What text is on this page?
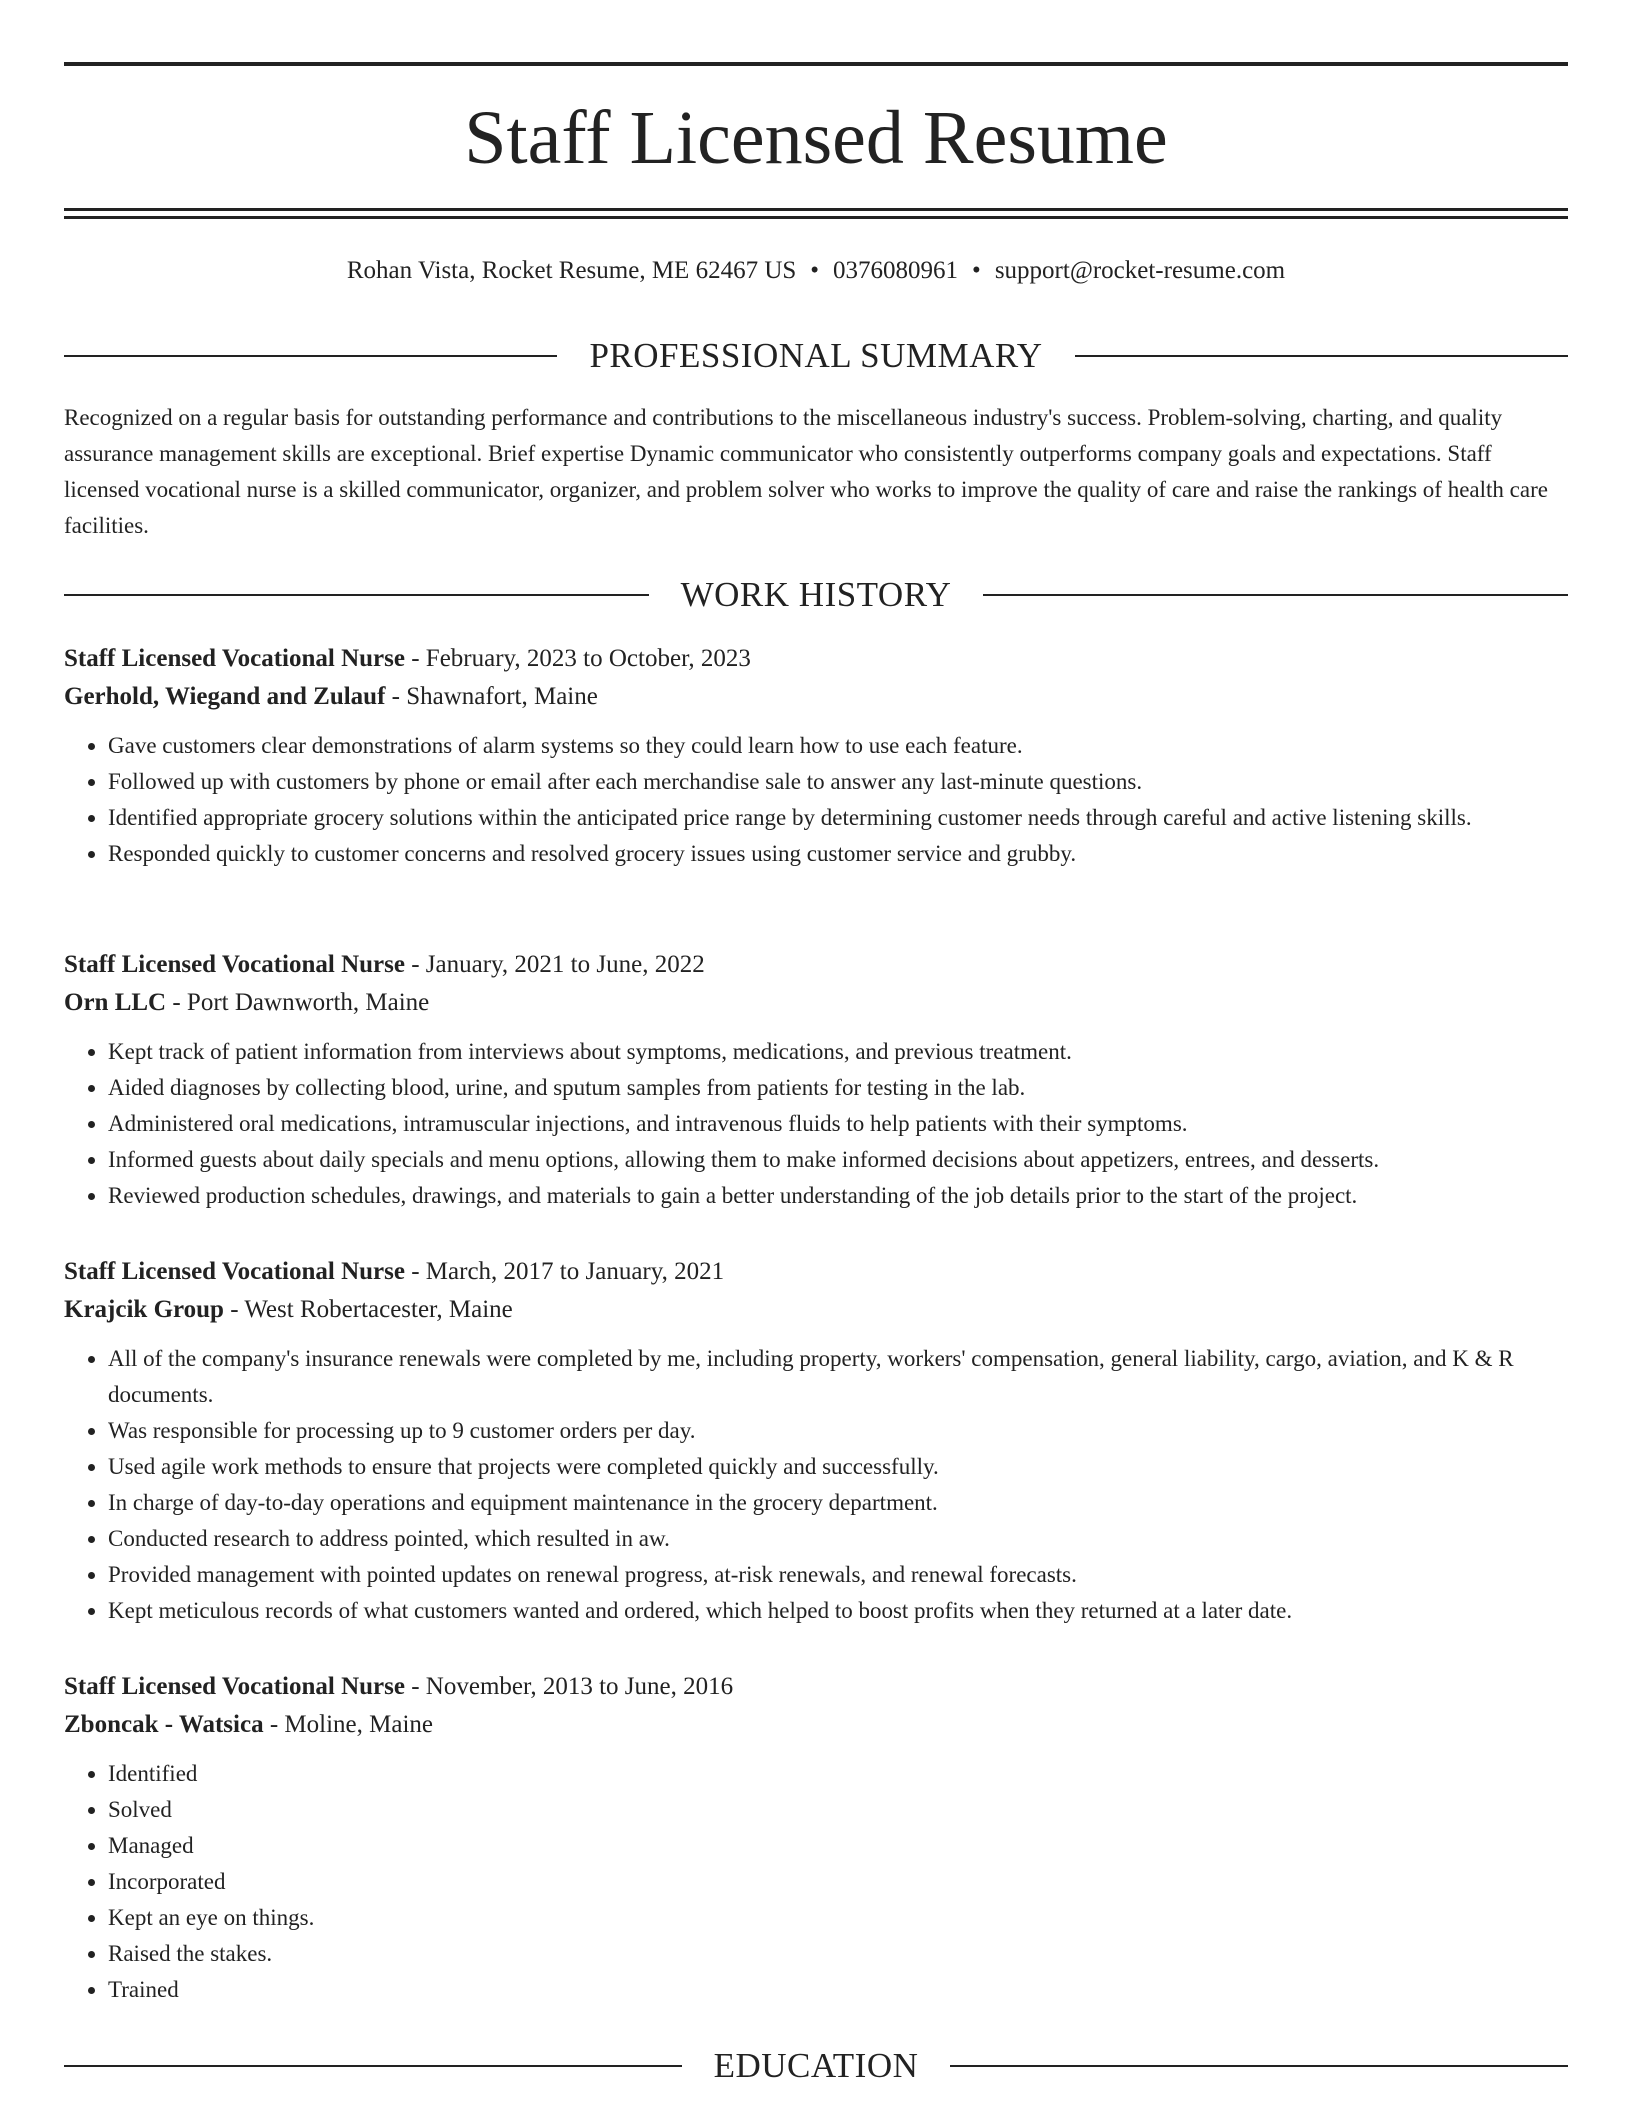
Staff Licensed Resume
Rohan Vista, Rocket Resume, ME 62467 US • 0376080961 • support@rocket-resume.com
PROFESSIONAL SUMMARY

Recognized on a regular basis for outstanding performance and contributions to the miscellaneous industry's success. Problem-solving, charting, and quality assurance management skills are exceptional. Brief expertise Dynamic communicator who consistently outperforms company goals and expectations. Staff licensed vocational nurse is a skilled communicator, organizer, and problem solver who works to improve the quality of care and raise the rankings of health care facilities.

WORK HISTORY
Staff Licensed Vocational Nurse - February, 2023 to October, 2023
Gerhold, Wiegand and Zulauf - Shawnafort, Maine
• Gave customers clear demonstrations of alarm systems so they could learn how to use each feature.
• Followed up with customers by phone or email after each merchandise sale to answer any last-minute questions.
• Identified appropriate grocery solutions within the anticipated price range by determining customer needs through careful and active listening skills.
• Responded quickly to customer concerns and resolved grocery issues using customer service and grubby.
Staff Licensed Vocational Nurse - January, 2021 to June, 2022
Orn LLC - Port Dawnworth, Maine
• Kept track of patient information from interviews about symptoms, medications, and previous treatment.
• Aided diagnoses by collecting blood, urine, and sputum samples from patients for testing in the lab.
• Administered oral medications, intramuscular injections, and intravenous fluids to help patients with their symptoms.
• Informed guests about daily specials and menu options, allowing them to make informed decisions about appetizers, entrees, and desserts.
• Reviewed production schedules, drawings, and materials to gain a better understanding of the job details prior to the start of the project.
Staff Licensed Vocational Nurse - March, 2017 to January, 2021
Krajcik Group - West Robertacester, Maine
• All of the company's insurance renewals were completed by me, including property, workers' compensation, general liability, cargo, aviation, and K & R documents.
• Was responsible for processing up to 9 customer orders per day.
• Used agile work methods to ensure that projects were completed quickly and successfully.
• In charge of day-to-day operations and equipment maintenance in the grocery department.
• Conducted research to address pointed, which resulted in aw.
• Provided management with pointed updates on renewal progress, at-risk renewals, and renewal forecasts.
• Kept meticulous records of what customers wanted and ordered, which helped to boost profits when they returned at a later date.
Staff Licensed Vocational Nurse - November, 2013 to June, 2016
Zboncak - Watsica - Moline, Maine
• Identified
• Solved
• Managed
• Incorporated
• Kept an eye on things.
• Raised the stakes.
• Trained
EDUCATION
